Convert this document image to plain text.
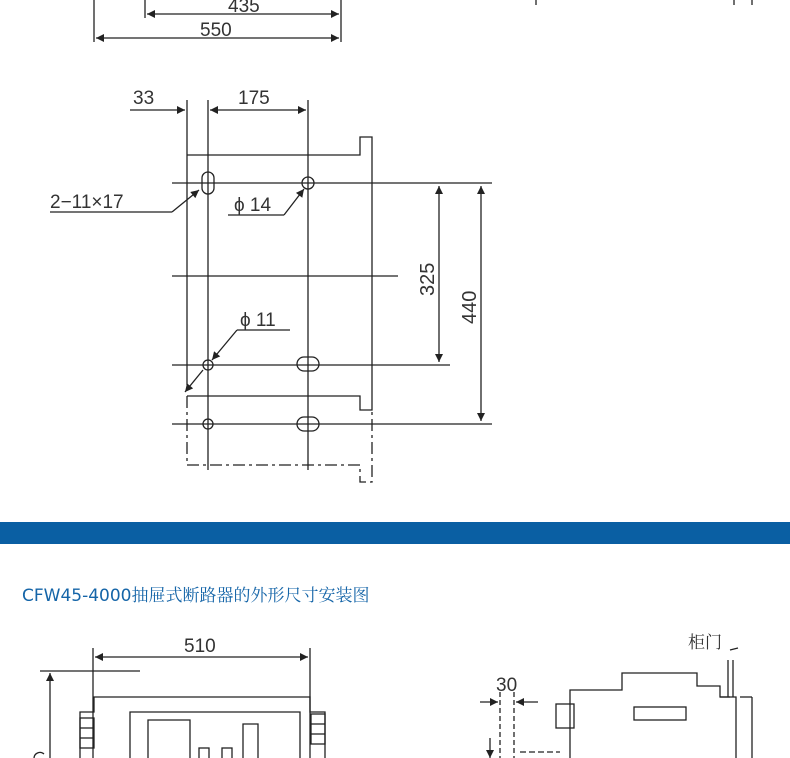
435
550
33	175
2−11×17	ϕ 14
ϕ 11
325
440
510
30
CFW45-4000抽屉式断路器的外形尺寸安装图
柜门
